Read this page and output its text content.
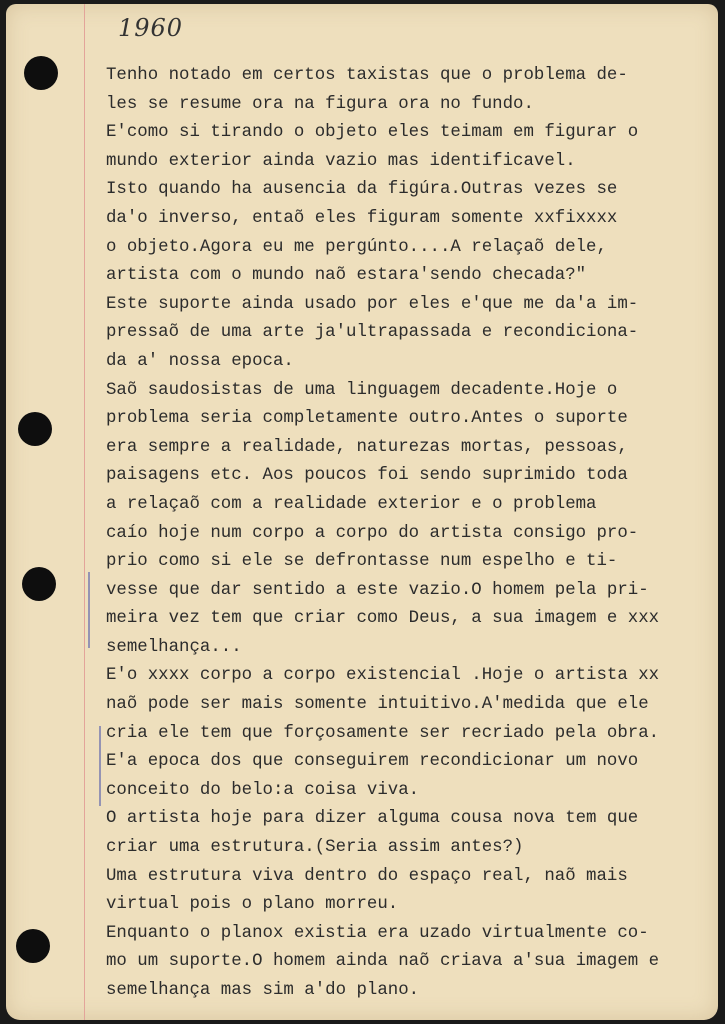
1960
Tenho notado em certos taxistas que o problema de-
les se resume ora na figura ora no fundo.
E'como si tirando o objeto eles teimam em figurar o
mundo exterior ainda vazio mas identificavel.
Isto quando ha ausencia da figúra.Outras vezes se
da'o inverso, entaõ eles figuram somente xxfixxxx
o objeto.Agora eu me pergúnto....A relaçaõ dele,
artista com o mundo naõ estara'sendo checada?"
Este suporte ainda usado por eles e'que me da'a im-
pressaõ de uma arte ja'ultrapassada e recondiciona-
da a' nossa epoca.
Saõ saudosistas de uma linguagem decadente.Hoje o
problema seria completamente outro.Antes o suporte
era sempre a realidade, naturezas mortas, pessoas,
paisagens etc. Aos poucos foi sendo suprimido toda
a relaçaõ com a realidade exterior e o problema
caío hoje num corpo a corpo do artista consigo pro-
prio como si ele se defrontasse num espelho e ti-
vesse que dar sentido a este vazio.O homem pela pri-
meira vez tem que criar como Deus, a sua imagem e xxx
semelhança...
E'o xxxx corpo a corpo existencial .Hoje o artista xx
naõ pode ser mais somente intuitivo.A'medida que ele
cria ele tem que forçosamente ser recriado pela obra.
E'a epoca dos que conseguirem recondicionar um novo
conceito do belo:a coisa viva.
O artista hoje para dizer alguma cousa nova tem que
criar uma estrutura.(Seria assim antes?)
Uma estrutura viva dentro do espaço real, naõ mais
virtual pois o plano morreu.
Enquanto o planox existia era uzado virtualmente co-
mo um suporte.O homem ainda naõ criava a'sua imagem e
semelhança mas sim a'do plano.
